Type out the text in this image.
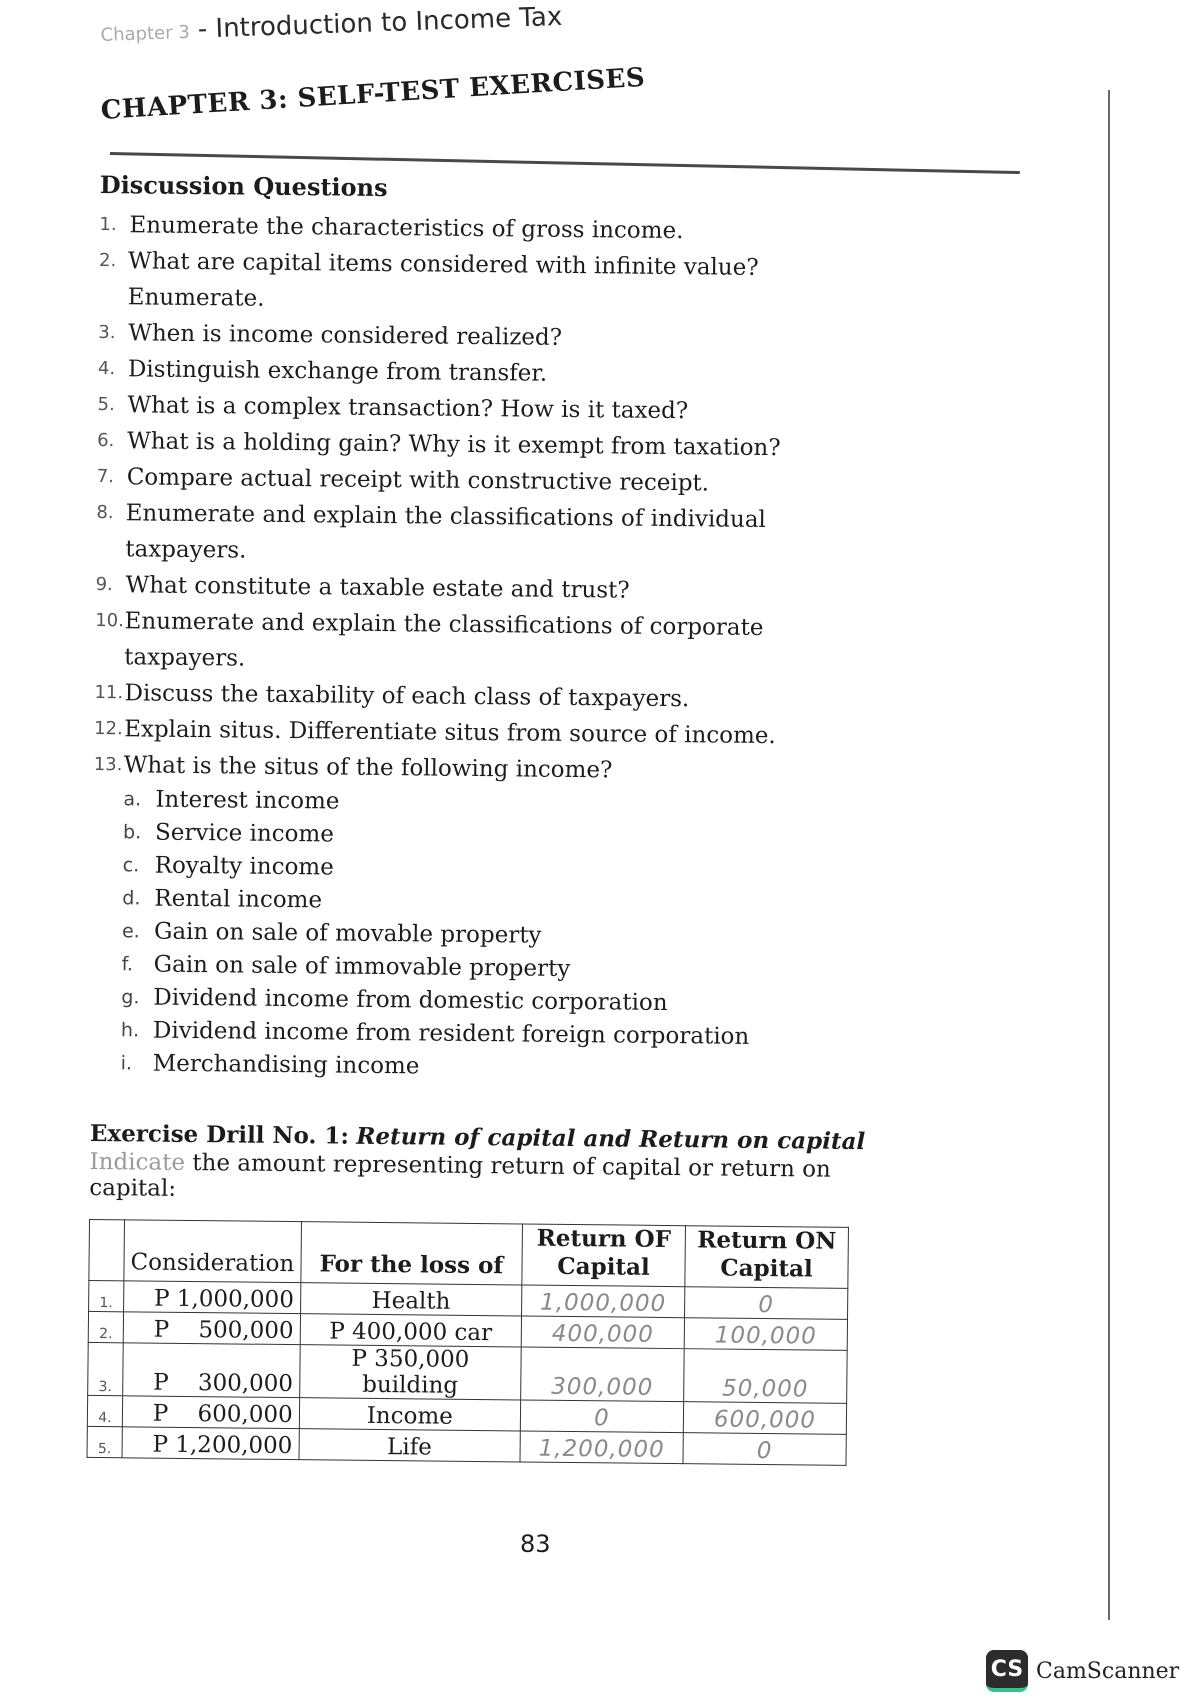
Chapter 3 - Introduction to Income Tax
CHAPTER 3: SELF-TEST EXERCISES
Discussion Questions
1. Enumerate the characteristics of gross income.
2. What are capital items considered with infinite value? Enumerate.
3. When is income considered realized?
4. Distinguish exchange from transfer.
5. What is a complex transaction? How is it taxed?
6. What is a holding gain? Why is it exempt from taxation?
7. Compare actual receipt with constructive receipt.
8. Enumerate and explain the classifications of individual taxpayers.
9. What constitute a taxable estate and trust?
10. Enumerate and explain the classifications of corporate taxpayers.
11. Discuss the taxability of each class of taxpayers.
12. Explain situs. Differentiate situs from source of income.
13. What is the situs of the following income?
a. Interest income
b. Service income
c. Royalty income
d. Rental income
e. Gain on sale of movable property
f. Gain on sale of immovable property
g. Dividend income from domestic corporation
h. Dividend income from resident foreign corporation
i. Merchandising income
Exercise Drill No. 1: Return of capital and Return on capital
Indicate the amount representing return of capital or return on capital:
	Consideration	For the loss of	Return OF Capital	Return ON Capital
1.	P 1,000,000	Health	1,000,000	0
2.	P    500,000	P 400,000 car	400,000	100,000
3.	P    300,000	P 350,000 building	300,000	50,000
4.	P    600,000	Income	0	600,000
5.	P 1,200,000	Life	1,200,000	0
83
CS CamScanner
